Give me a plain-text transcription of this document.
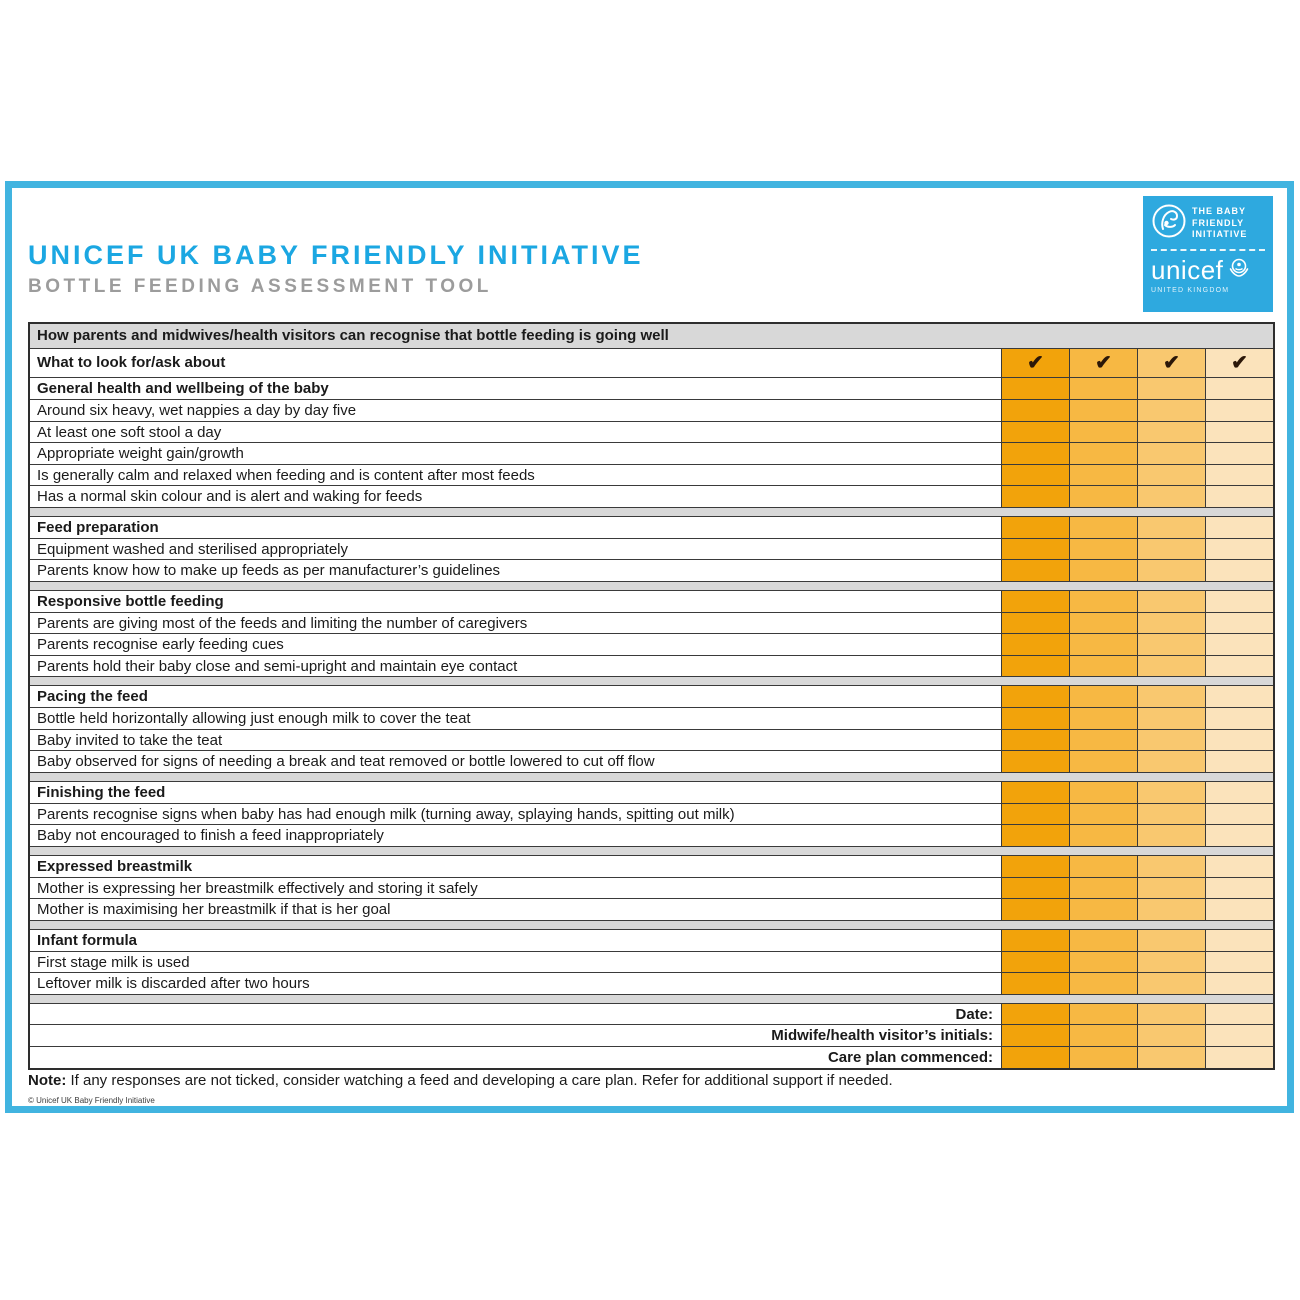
UNICEF UK BABY FRIENDLY INITIATIVE
BOTTLE FEEDING ASSESSMENT TOOL
THE BABY
FRIENDLY
INITIATIVE
unicef
UNITED KINGDOM
How parents and midwives/health visitors can recognise that bottle feeding is going well
What to look for/ask about	✔	✔	✔	✔
General health and wellbeing of the baby
Around six heavy, wet nappies a day by day five
At least one soft stool a day
Appropriate weight gain/growth
Is generally calm and relaxed when feeding and is content after most feeds
Has a normal skin colour and is alert and waking for feeds
Feed preparation
Equipment washed and sterilised appropriately
Parents know how to make up feeds as per manufacturer’s guidelines
Responsive bottle feeding
Parents are giving most of the feeds and limiting the number of caregivers
Parents recognise early feeding cues
Parents hold their baby close and semi-upright and maintain eye contact
Pacing the feed
Bottle held horizontally allowing just enough milk to cover the teat
Baby invited to take the teat
Baby observed for signs of needing a break and teat removed or bottle lowered to cut off flow
Finishing the feed
Parents recognise signs when baby has had enough milk (turning away, splaying hands, spitting out milk)
Baby not encouraged to finish a feed inappropriately
Expressed breastmilk
Mother is expressing her breastmilk effectively and storing it safely
Mother is maximising her breastmilk if that is her goal
Infant formula
First stage milk is used
Leftover milk is discarded after two hours
Date:
Midwife/health visitor’s initials:
Care plan commenced:
Note: If any responses are not ticked, consider watching a feed and developing a care plan. Refer for additional support if needed.
© Unicef UK Baby Friendly Initiative
